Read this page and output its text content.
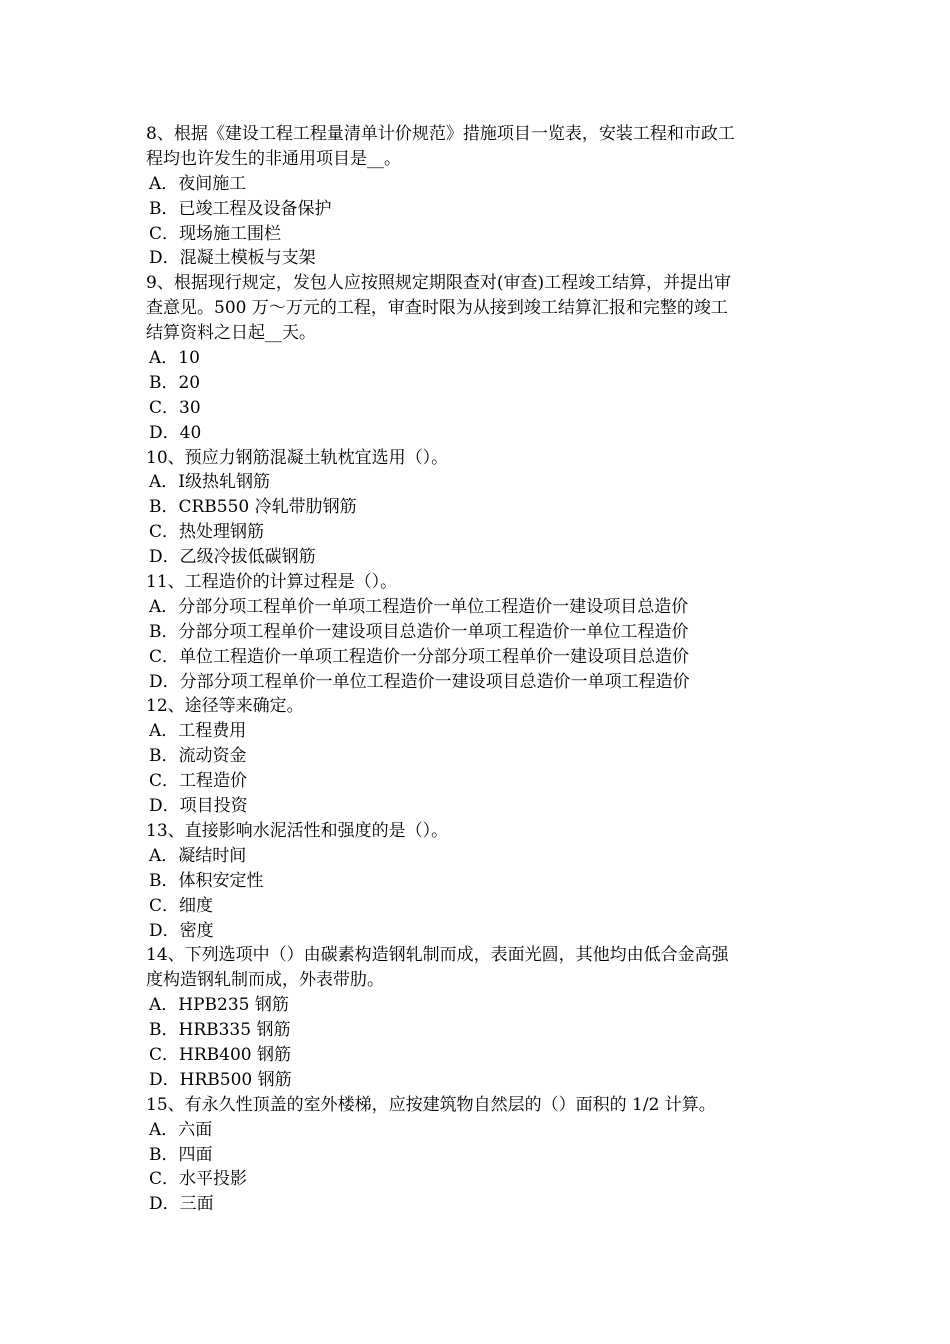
8、根据《建设工程工程量清单计价规范》措施项目一览表，安装工程和市政工
程均也许发生的非通用项目是__。
A．夜间施工
B．已竣工程及设备保护
C．现场施工围栏
D．混凝土模板与支架
9、根据现行规定，发包人应按照规定期限查对(审查)工程竣工结算，并提出审
查意见。500 万～万元的工程，审查时限为从接到竣工结算汇报和完整的竣工
结算资料之日起__天。
A．10
B．20
C．30
D．40
10、预应力钢筋混凝土轨枕宜选用（）。
A．Ⅰ级热轧钢筋
B．CRB550 冷轧带肋钢筋
C．热处理钢筋
D．乙级冷拔低碳钢筋
11、工程造价的计算过程是（）。
A．分部分项工程单价一单项工程造价一单位工程造价一建设项目总造价
B．分部分项工程单价一建设项目总造价一单项工程造价一单位工程造价
C．单位工程造价一单项工程造价一分部分项工程单价一建设项目总造价
D．分部分项工程单价一单位工程造价一建设项目总造价一单项工程造价
12、途径等来确定。
A．工程费用
B．流动资金
C．工程造价
D．项目投资
13、直接影响水泥活性和强度的是（）。
A．凝结时间
B．体积安定性
C．细度
D．密度
14、下列选项中（）由碳素构造钢轧制而成，表面光圆，其他均由低合金高强
度构造钢轧制而成，外表带肋。
A．HPB235 钢筋
B．HRB335 钢筋
C．HRB400 钢筋
D．HRB500 钢筋
15、有永久性顶盖的室外楼梯，应按建筑物自然层的（）面积的 1/2 计算。
A．六面
B．四面
C．水平投影
D．三面
